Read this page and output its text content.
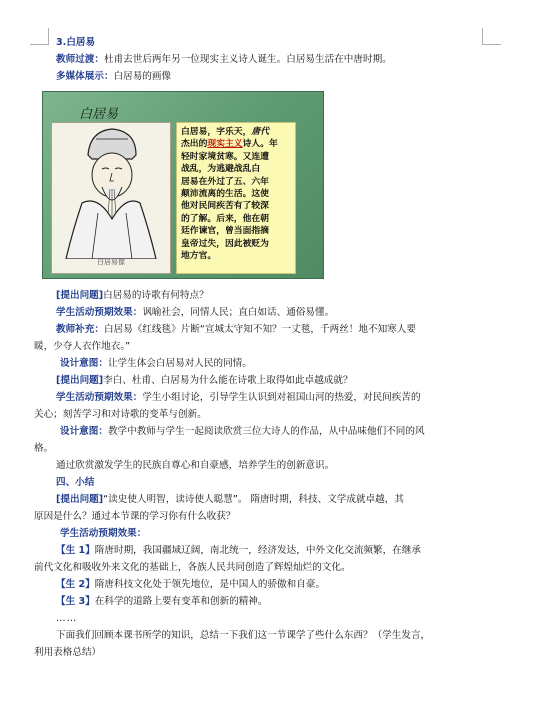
3.白居易
教师过渡：杜甫去世后两年另一位现实主义诗人诞生。白居易生活在中唐时期。
多媒体展示：白居易的画像
白居易
白居易像
白居易，字乐天，唐代
杰出的现实主义诗人。年
轻时家境贫寒。又连遭
战乱，为逃避战乱白
居易在外过了五、六年
颠沛流离的生活。这使
他对民间疾苦有了较深
的了解。后来，他在朝
廷作谏官，曾当面指摘
皇帝过失，因此被贬为
地方官。
[提出问题]白居易的诗歌有何特点？
学生活动预期效果：讽喻社会，同情人民；直白如话、通俗易懂。
教师补充：白居易《红线毯》片断“宣城太守知不知？一丈毯，千两丝！地不知寒人要
暖，少夺人衣作地衣。”
设计意图：让学生体会白居易对人民的同情。
[提出问题]李白、杜甫、白居易为什么能在诗歌上取得如此卓越成就？
学生活动预期效果：学生小组讨论，引导学生认识到对祖国山河的热爱，对民间疾苦的
关心；刻苦学习和对诗歌的变革与创新。
设计意图：教学中教师与学生一起阅读欣赏三位大诗人的作品，从中品味他们不同的风
格。
通过欣赏激发学生的民族自尊心和自豪感，培养学生的创新意识。
四、小结
[提出问题]“读史使人明智，读诗使人聪慧”。 隋唐时期，科技、文学成就卓越，其
原因是什么？通过本节课的学习你有什么收获？
学生活动预期效果：
【生 1】隋唐时期，我国疆域辽阔，南北统一，经济发达，中外文化交流频繁，在继承
前代文化和吸收外来文化的基础上，各族人民共同创造了辉煌灿烂的文化。
【生 2】隋唐科技文化处于领先地位，是中国人的骄傲和自豪。
【生 3】在科学的道路上要有变革和创新的精神。
……
下面我们回顾本课书所学的知识，总结一下我们这一节课学了些什么东西？（学生发言，
利用表格总结）
